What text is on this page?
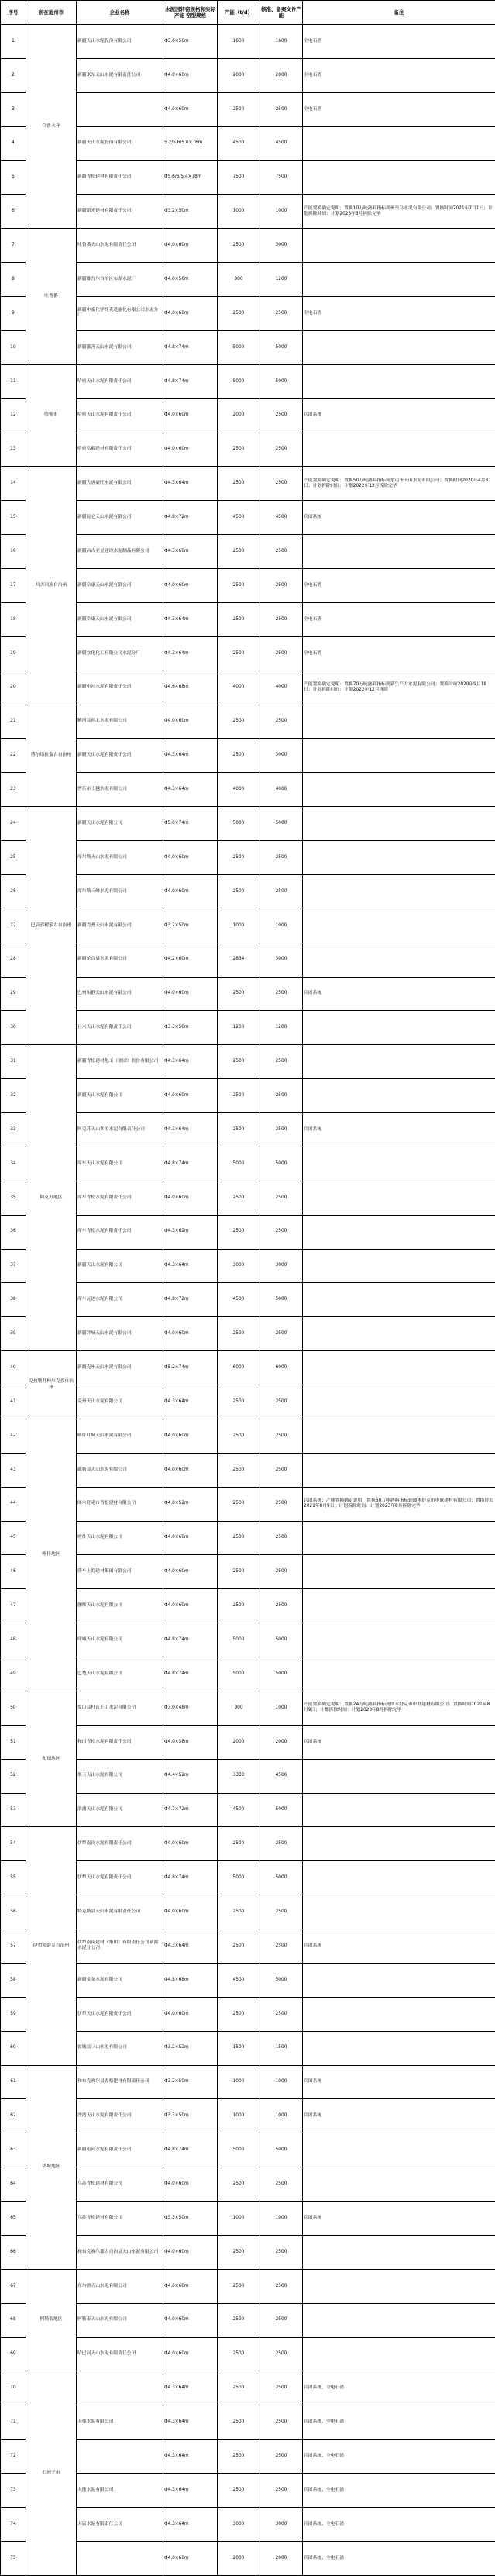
序号	所在地州市	企业名称	水泥回转窑规格和实际产能 窑型规格	产能（t/d）	核准、备案文件产能	备注
1	乌鲁木齐	新疆天山水泥股份有限公司	Φ3.6×56m	1600	1600	全电石渣
2		新疆米东天山水泥有限责任公司	Φ4.0×60m	2000	2000	全电石渣
3			Φ4.0×60m	2500	2500	全电石渣
4		新疆天山水泥股份有限公司	5.2/5.6/5.0×76m	4500	4500	
5		新疆青松建材有限责任公司	Φ5.6/6/5.4×78m	7500	7500	
6		新疆新光建材有限责任公司	Φ3.2×50m	1000	1000	产能置换确定说明：置换10万吨熟料指标到州至乌水泥有限公司；置换时间2021年7月1日；计划拆除时间：计划2023年3月拆除完毕
7	吐鲁番	吐鲁番天山水泥有限责任公司	Φ4.0×60m	2500	3000	
8		新疆维吾尔自治区布湖水泥厂	Φ4.0×56m	800	1200	
9		新疆中泰化学托克逊能化有限公司水泥分厂	Φ4.0×60m	2500	2500	全电石渣
10		新疆鄯善天山水泥有限公司	Φ4.8×74m	5000	5000	
11	哈密市	哈密天山水泥有限责任公司	Φ4.8×74m	5000	5000	
12		哈密天山水泥有限责任公司	Φ4.0×60m	2000	2500	兵团系统
13		哈密弘毅建材有限责任公司	Φ4.0×60m	2500	2500	
14	昌吉回族自治州	新疆大唐豪旺水泥有限公司	Φ4.3×64m	2500	2500	产能置换确定说明：置换50万吨熟料指标到奎屯市天山水泥有限公司；置换时间2020年4月8日；计划拆除时间：计划2022年12月拆除完毕
15		新疆昆仑天山水泥有限公司	Φ4.8×72m	4500	4500	兵团系统
16		新疆昌吉亚星建设水泥制品有限公司	Φ4.3×60m	2500	2500	
17		新疆阜康天山水泥有限公司	Φ4.0×60m	2500	2500	全电石渣
18		新疆阜康天山水泥有限公司	Φ4.3×64m	2500	2500	全电石渣
19		新疆宜化化工有限公司水泥分厂	Φ4.3×64m	2500	2500	全电石渣
20		新疆屯河水泥有限责任公司	Φ4.6×68m	4000	4000	产能置换确定说明：置换70万吨熟料指标到新生产力水泥有限公司；置换时间2020年9月18日；计划拆除时间：计划2022年12月拆除
21	博尔塔拉蒙古自治州	精河县西北水泥有限公司	Φ4.0×60m	2500	2500	
22		新疆天山水泥有限责任公司	Φ4.3×64m	2500	3000	
23		博乐市上越水泥有限公司	Φ4.3×64m	4000	4000	
24	巴音郭楞蒙古自治州	新疆天山水泥有限公司	Φ5.0×74m	5000	5000	
25		库尔勒天山水泥有限公司	Φ4.0×60m	2500	2500	
26		库尔勒三峰水泥有限公司	Φ4.0×60m	2500	2500	
27		新疆焉耆天山水泥有限公司	Φ3.2×50m	1000	1000	
28		新疆轮台县水泥有限公司	Φ4.2×60m	2834	3000	
29		巴州和静天山水泥有限公司	Φ4.0×60m	2500	2500	兵团系统
30		且末天山水泥有限责任公司	Φ3.3×50m	1200	1200	
31	阿克苏地区	新疆青松建材化工（集团）股份有限公司	Φ4.3×64m	2500	2500	
32		新疆天山水泥有限公司	Φ4.0×60m	2500	2500	
33		阿克苏天山多浪水泥有限责任公司	Φ4.3×64m	2500	2500	兵团系统
34		库车天山水泥有限公司	Φ4.8×74m	5000	5000	
35		库车青松水泥有限责任公司	Φ4.0×60m	2500	2500	
36		库车青松水泥有限责任公司	Φ4.3×62m	2500	2500	
37		新疆天山水泥有限公司	Φ4.3×64m	3000	3000	
38		库车瓦达水泥有限公司	Φ4.8×72m	4500	5000	
39		新疆拜城天山水泥有限公司	Φ4.0×60m	2500	2500	
40	克孜勒苏柯尔克孜自治州	新疆克州天山水泥有限公司	Φ5.2×74m	6000	6000	
41		克州天山水泥有限公司	Φ4.3×64m	2500	2500	
42	喀什地区	喀什叶城天山水泥有限公司	Φ4.0×60m	2500	2500	
43		疏勒县天山水泥有限公司	Φ4.0×60m	2500	2500	
44		图木舒克市青松建材有限公司	Φ4.0×52m	2500	2500	兵团系统；产能置换确定说明：置换60万吨熟料指标到图木舒克市中联建材有限公司；置换时间2021年8月9日；计划拆除时间：计划2023年8月拆除完毕
45		喀什天山水泥有限公司	Φ4.0×60m	2500	2500	
46		莎车上海建材集团有限公司	Φ4.0×60m	2500	2500	
47		伽师天山水泥有限公司	Φ4.0×60m	2500	2500	
48		叶城天山水泥有限公司	Φ4.8×74m	5000	5000	
49		巴楚天山水泥有限公司	Φ4.8×74m	5000	5000	
50	和田地区	皮山县杜瓦王山水泥有限公司	Φ3.0×48m	800	1000	产能置换确定说明：置换24万吨熟料指标到图木舒克市中联建材有限公司；置换时间2021年8月9日；计划拆除时间：计划2023年8月拆除完毕
51		和田青松水泥有限责任公司	Φ4.0×58m	2000	2000	兵团系统
52		墨玉天山水泥有限公司	Φ4.4×52m	3333	4500	
53		洛浦天山水泥有限公司	Φ4.7×72m	4500	5000	
54	伊犁哈萨克自治州	伊犁南岗水泥有限责任公司	Φ4.0×60m	2500	2500	
55		伊犁天山水泥有限责任公司	Φ4.8×74m	5000	5000	
56		特克斯县天山水泥有限责任公司	Φ4.0×60m	2500	2500	
57		伊犁南岗建材（集团）有限责任公司新源水泥分公司	Φ4.3×64m	2500	2500	兵团系统
58		新疆金龙水泥有限公司	Φ4.8×68m	4500	5000	
59		伊犁天山水泥有限责任公司	Φ4.0×60m	2500	2500	
60		霍城县三山水泥有限公司	Φ3.2×52m	1500	1500	
61	塔城地区	和布克赛尔县青松建材有限责任公司	Φ3.2×50m	1000	1000	兵团系统
62		沙湾天山水泥有限责任公司	Φ3.3×50m	1000	1000	兵团系统
63		新疆屯河水泥有限责任公司	Φ4.8×74m	5000	5000	
64		乌苏青松建材有限公司	Φ4.0×60m	2500	2500	
65		乌苏青松建材有限公司	Φ3.3×50m	1000	1000	兵团系统
66		和布克赛尔蒙古自治县天山水泥有限公司	Φ4.0×60m	2500	2500	
67	阿勒泰地区	布尔津天山水泥有限公司	Φ4.0×60m	2500	2500	
68		阿勒泰天山水泥有限公司	Φ4.0×60m	2500	2500	
69		哈巴河天山水泥有限责任公司	Φ4.0×60m	2500	2500	
70	石河子市		Φ4.3×64m	2500	2500	兵团系统，全电石渣
71		天伟水泥有限公司	Φ4.3×64m	2500	2500	兵团系统，全电石渣
72			Φ4.3×64m	2500	2500	兵团系统，全电石渣
73		天能水泥有限公司	Φ4.3×64m	2500	2500	兵团系统，全电石渣
74		天辰水泥有限责任公司	Φ4.3×64m	3000	3000	兵团系统，全电石渣
75			Φ4.0×60m	2000	2000	兵团系统，全电石渣
